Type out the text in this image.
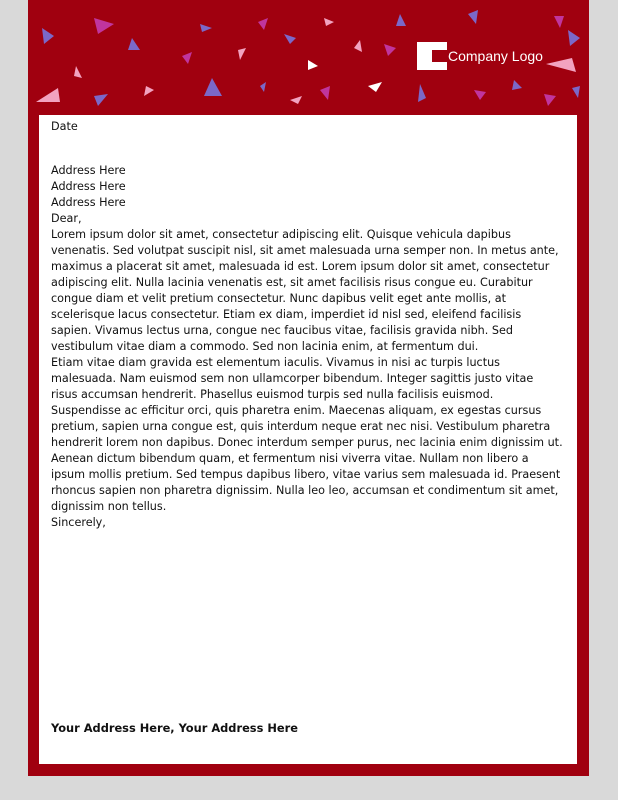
Company Logo

Date

Address Here

Address Here

Address Here

Dear,

Lorem ipsum dolor sit amet, consectetur adipiscing elit. Quisque vehicula dapibus venenatis. Sed volutpat suscipit nisl, sit amet malesuada urna semper non. In metus ante, maximus a placerat sit amet, malesuada id est. Lorem ipsum dolor sit amet, consectetur adipiscing elit. Nulla lacinia venenatis est, sit amet facilisis risus congue eu. Curabitur congue diam et velit pretium consectetur. Nunc dapibus velit eget ante mollis, at scelerisque lacus consectetur. Etiam ex diam, imperdiet id nisl sed, eleifend facilisis sapien. Vivamus lectus urna, congue nec faucibus vitae, facilisis gravida nibh. Sed vestibulum vitae diam a commodo. Sed non lacinia enim, at fermentum dui.

Etiam vitae diam gravida est elementum iaculis. Vivamus in nisi ac turpis luctus malesuada. Nam euismod sem non ullamcorper bibendum. Integer sagittis justo vitae risus accumsan hendrerit. Phasellus euismod turpis sed nulla facilisis euismod. Suspendisse ac efficitur orci, quis pharetra enim. Maecenas aliquam, ex egestas cursus pretium, sapien urna congue est, quis interdum neque erat nec nisi. Vestibulum pharetra hendrerit lorem non dapibus. Donec interdum semper purus, nec lacinia enim dignissim ut. Aenean dictum bibendum quam, et fermentum nisi viverra vitae. Nullam non libero a ipsum mollis pretium. Sed tempus dapibus libero, vitae varius sem malesuada id. Praesent rhoncus sapien non pharetra dignissim. Nulla leo leo, accumsan et condimentum sit amet, dignissim non tellus.

Sincerely,

Your Address Here, Your Address Here
